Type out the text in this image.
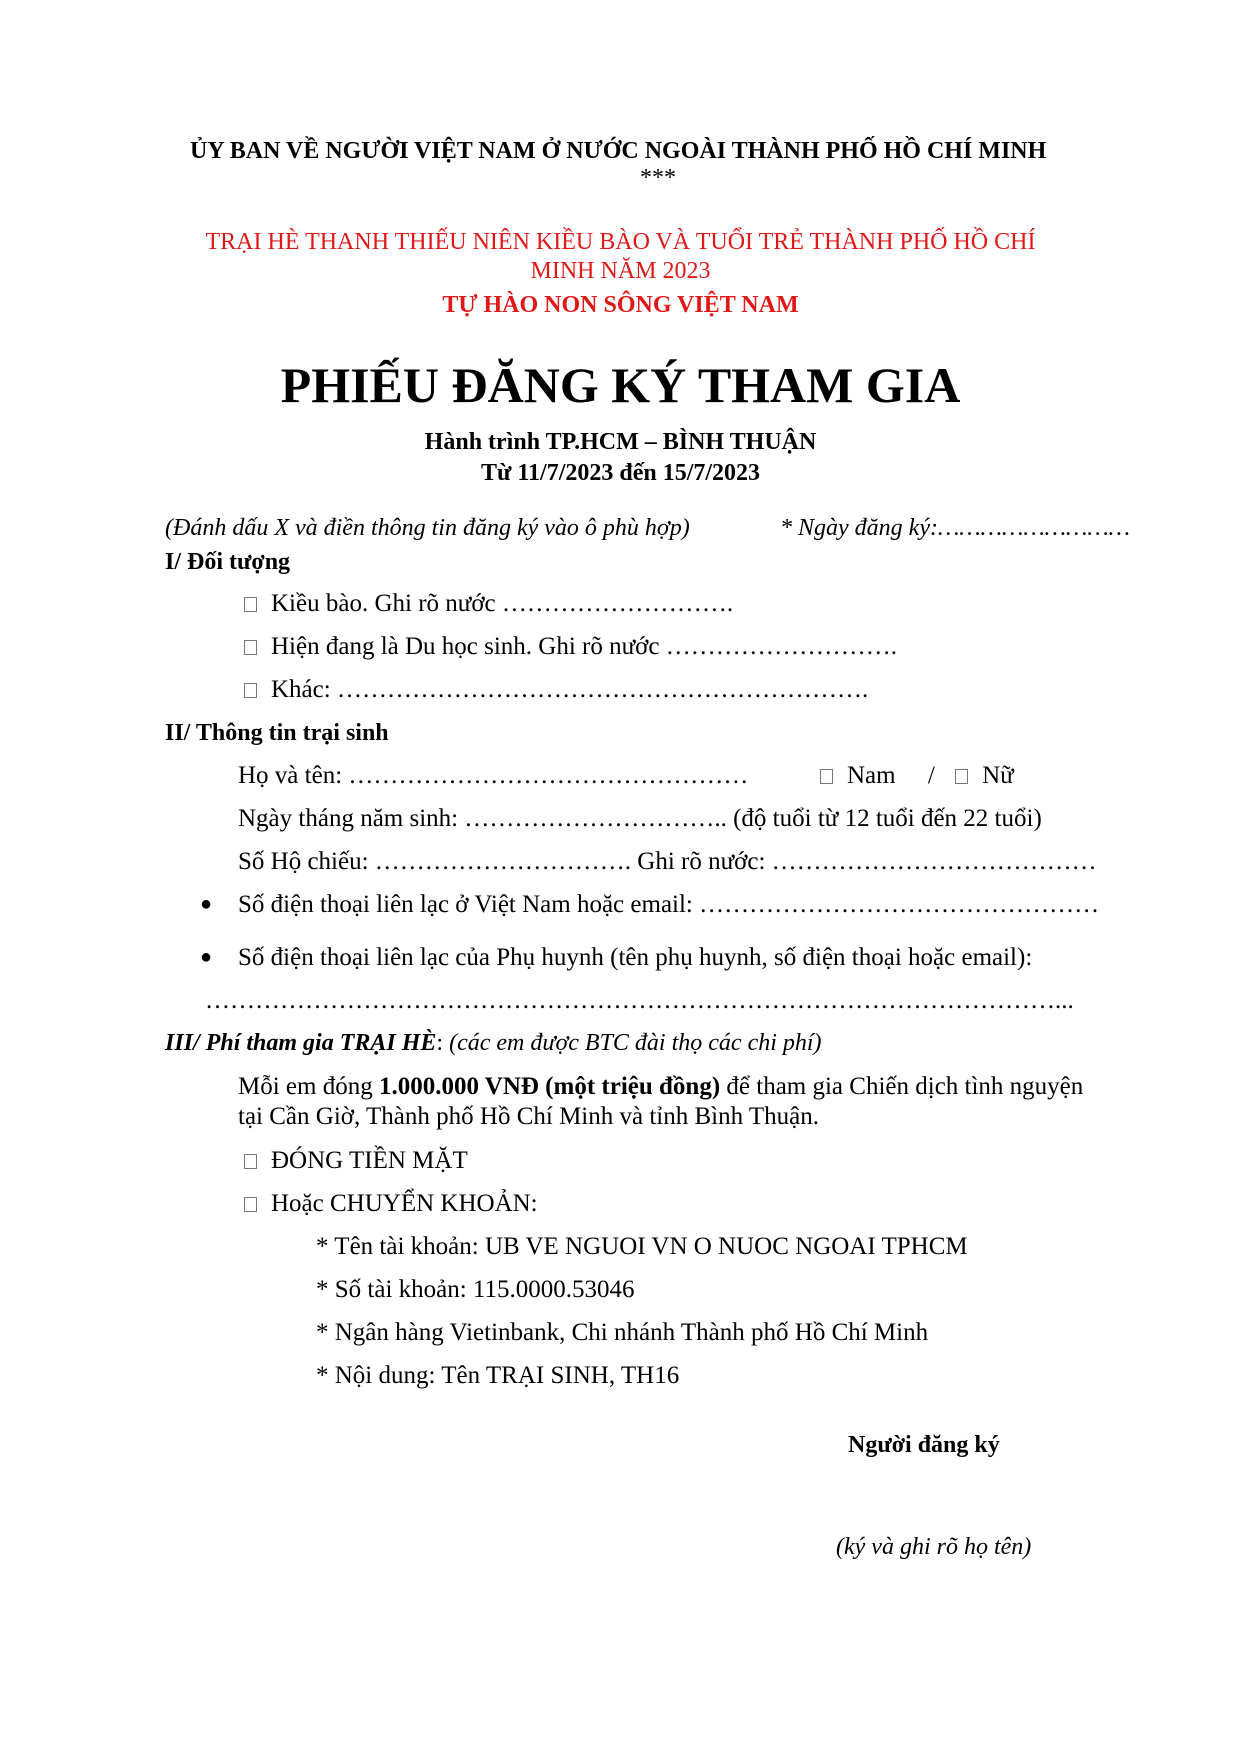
ỦY BAN VỀ NGƯỜI VIỆT NAM Ở NƯỚC NGOÀI THÀNH PHỐ HỒ CHÍ MINH
***
TRẠI HÈ THANH THIẾU NIÊN KIỀU BÀO VÀ TUỔI TRẺ THÀNH PHỐ HỒ CHÍ
MINH NĂM 2023
TỰ HÀO NON SÔNG VIỆT NAM
PHIẾU ĐĂNG KÝ THAM GIA
Hành trình TP.HCM – BÌNH THUẬN
Từ 11/7/2023 đến 15/7/2023
(Đánh dấu X và điền thông tin đăng ký vào ô phù hợp)	* Ngày đăng ký:………………………
I/ Đối tượng
Kiều bào. Ghi rõ nước ……………………….
Hiện đang là Du học sinh. Ghi rõ nước ……………………….
Khác: ……………………………………………………….
II/ Thông tin trại sinh
Họ và tên: …………………………………………	Nam / Nữ
Ngày tháng năm sinh: ………………………….. (độ tuổi từ 12 tuổi đến 22 tuổi)
Số Hộ chiếu: …………………………. Ghi rõ nước: …………………………………
● Số điện thoại liên lạc ở Việt Nam hoặc email: …………………………………………
● Số điện thoại liên lạc của Phụ huynh (tên phụ huynh, số điện thoại hoặc email):
…………………………………………………………………………………………...
III/ Phí tham gia TRẠI HÈ: (các em được BTC đài thọ các chi phí)
Mỗi em đóng 1.000.000 VNĐ (một triệu đồng) để tham gia Chiến dịch tình nguyện
tại Cần Giờ, Thành phố Hồ Chí Minh và tỉnh Bình Thuận.
ĐÓNG TIỀN MẶT
Hoặc CHUYỂN KHOẢN:
* Tên tài khoản: UB VE NGUOI VN O NUOC NGOAI TPHCM
* Số tài khoản: 115.0000.53046
* Ngân hàng Vietinbank, Chi nhánh Thành phố Hồ Chí Minh
* Nội dung: Tên TRẠI SINH, TH16
Người đăng ký
(ký và ghi rõ họ tên)
